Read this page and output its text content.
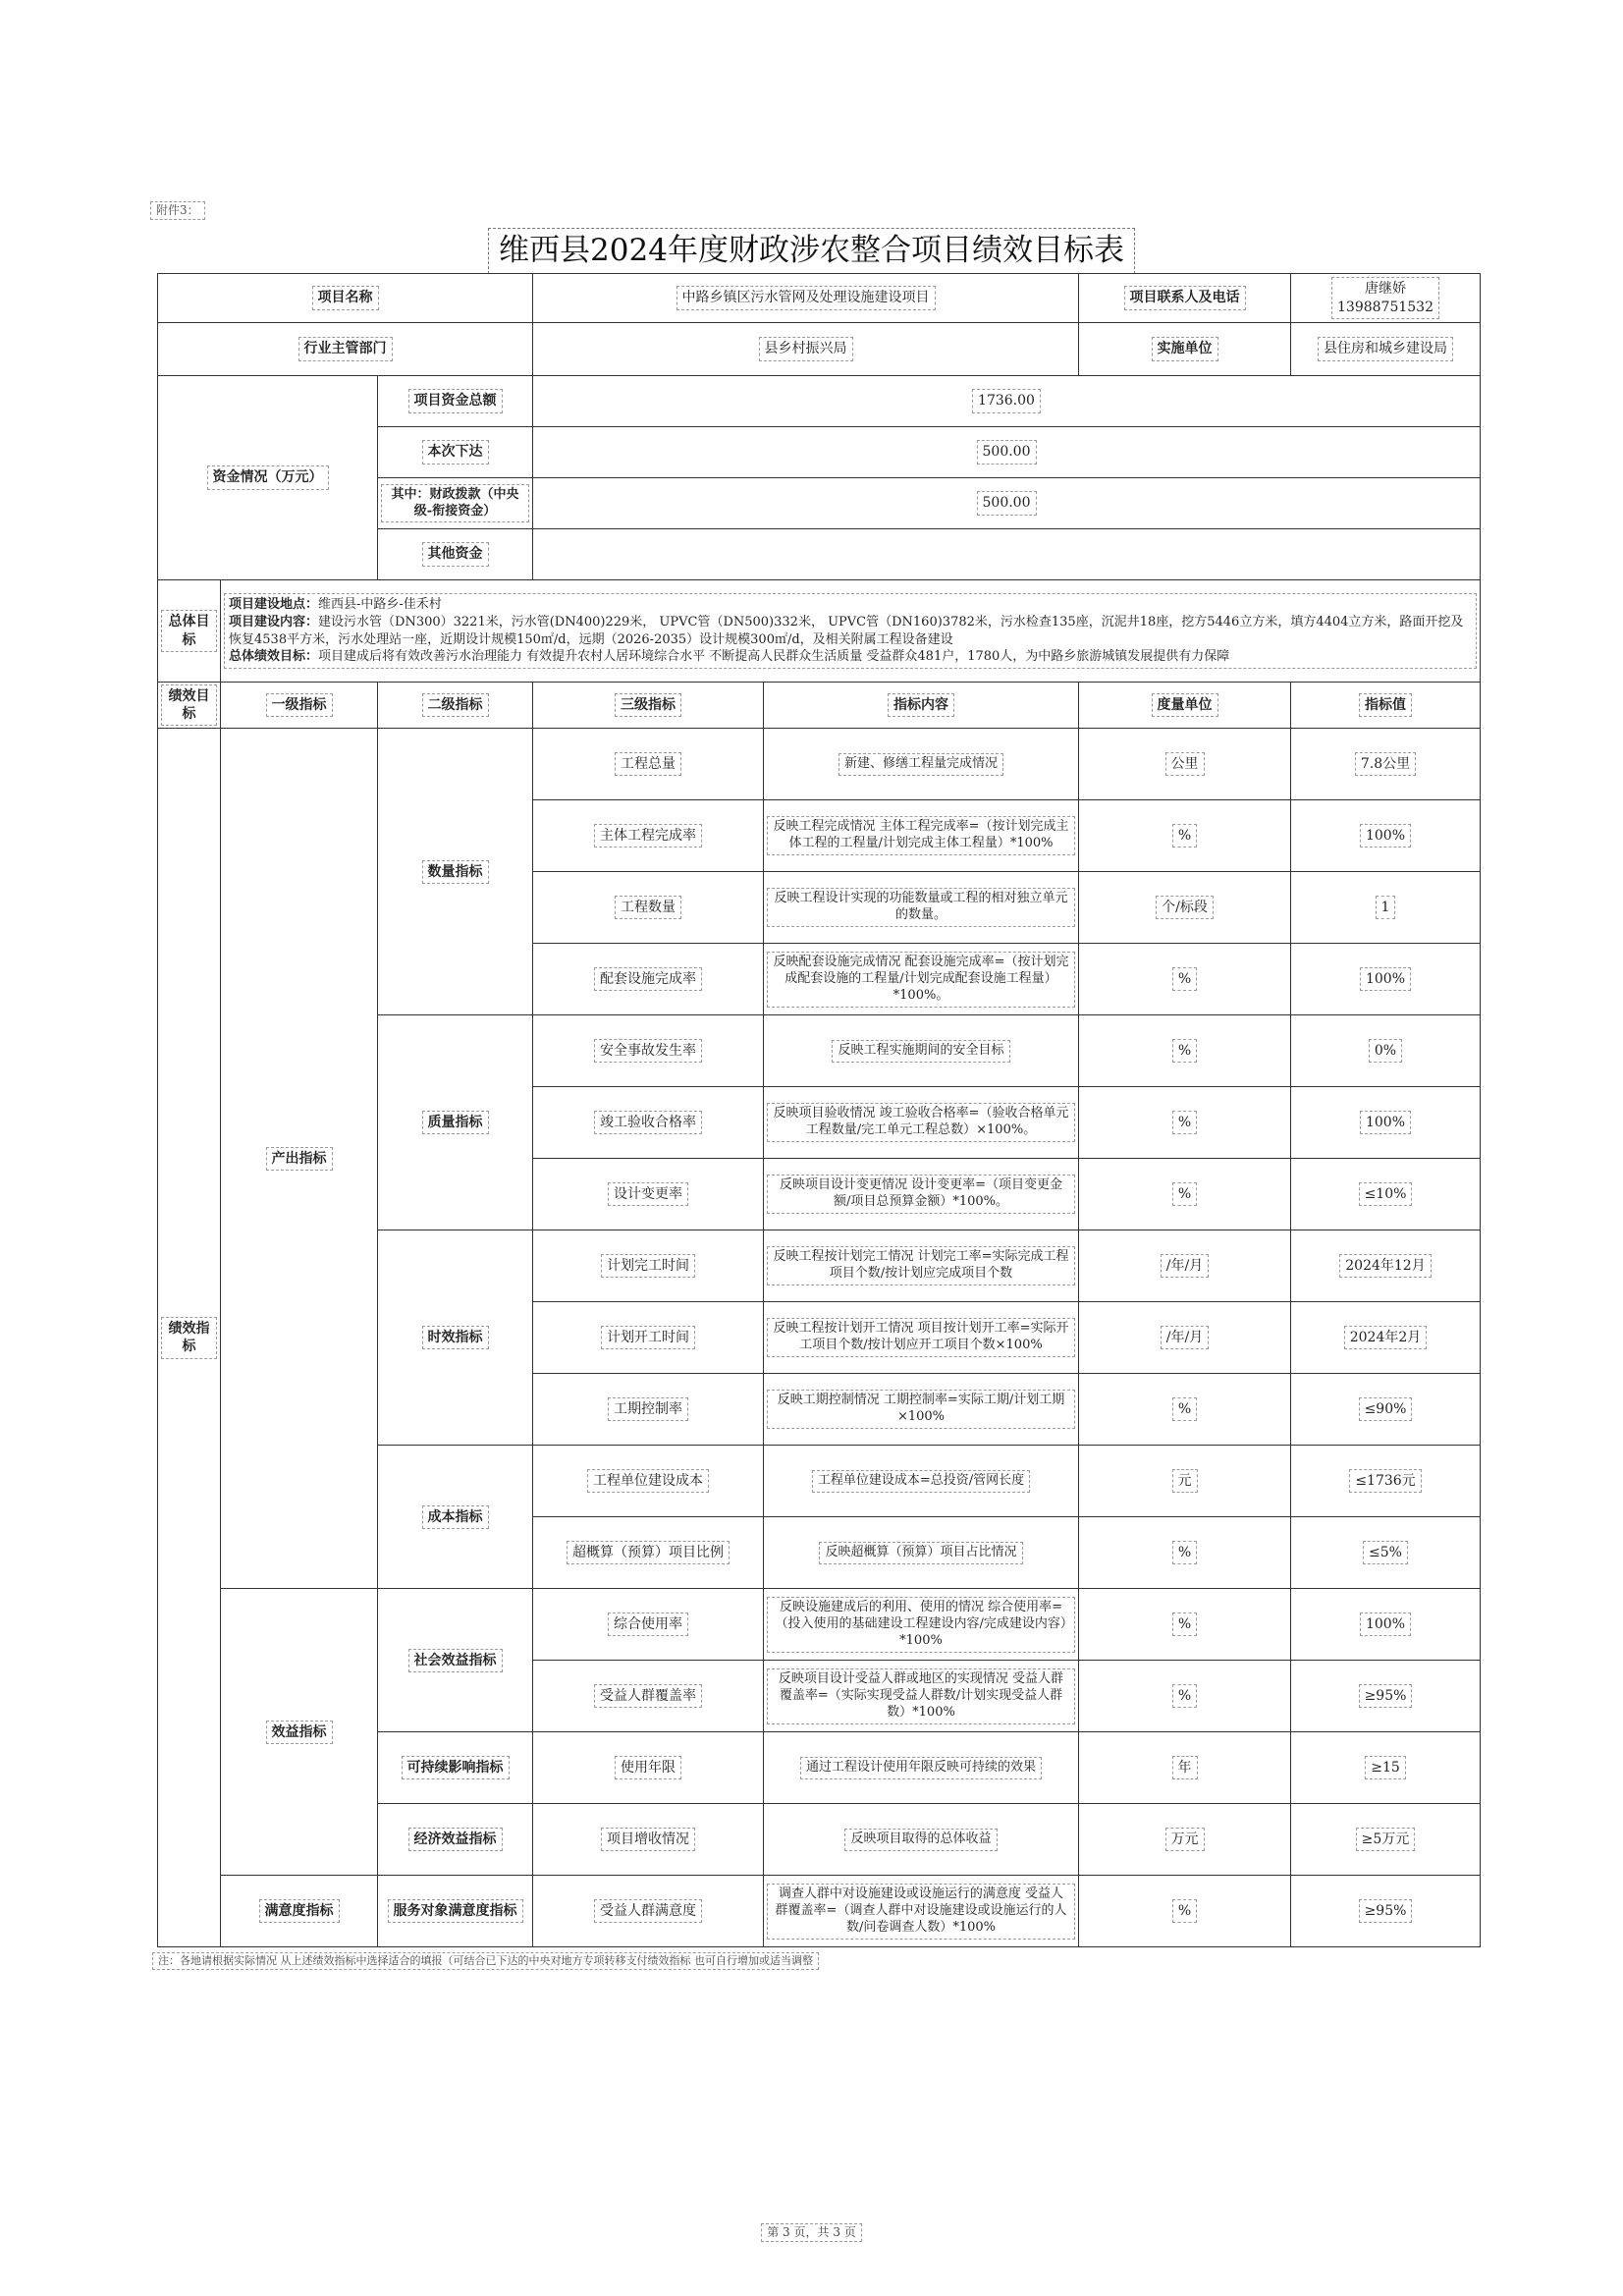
附件3：
维西县2024年度财政涉农整合项目绩效目标表
项目名称			中路乡镇区污水管网及处理设施建设项目		项目联系人及电话	唐继娇
13988751532
行业主管部门			县乡村振兴局		实施单位	县住房和城乡建设局
资金情况（万元）		项目资金总额	1736.00			
		本次下达	500.00			
		其中：财政拨款（中央级-衔接资金）	500.00			
		其他资金				
总体目标	项目建设地点：维西县-中路乡-佳禾村
项目建设内容：建设污水管（DN300）3221米，污水管(DN400)229米， UPVC管（DN500)332米， UPVC管（DN160)3782米，污水检查135座，沉泥井18座，挖方5446立方米，填方4404立方米，路面开挖及恢复4538平方米，污水处理站一座，近期设计规模150㎡/d，远期（2026-2035）设计规模300㎡/d，及相关附属工程设备建设
总体绩效目标：项目建成后将有效改善污水治理能力 有效提升农村人居环境综合水平 不断提高人民群众生活质量 受益群众481户，1780人，为中路乡旅游城镇发展提供有力保障					

绩效目标	一级指标	二级指标	三级指标	指标内容	度量单位	指标值
绩效指标	产出指标	数量指标	工程总量	新建、修缮工程量完成情况	公里	7.8公里
			主体工程完成率	反映工程完成情况 主体工程完成率=（按计划完成主体工程的工程量/计划完成主体工程量）*100%	%	100%
			工程数量	反映工程设计实现的功能数量或工程的相对独立单元的数量。	个/标段	1
			配套设施完成率	反映配套设施完成情况 配套设施完成率=（按计划完成配套设施的工程量/计划完成配套设施工程量）*100%。	%	100%
		质量指标	安全事故发生率	反映工程实施期间的安全目标	%	0%
			竣工验收合格率	反映项目验收情况 竣工验收合格率=（验收合格单元工程数量/完工单元工程总数）×100%。	%	100%
			设计变更率	反映项目设计变更情况 设计变更率=（项目变更金额/项目总预算金额）*100%。	%	≤10%
		时效指标	计划完工时间	反映工程按计划完工情况 计划完工率=实际完成工程项目个数/按计划应完成项目个数	/年/月	2024年12月
			计划开工时间	反映工程按计划开工情况 项目按计划开工率=实际开工项目个数/按计划应开工项目个数×100%	/年/月	2024年2月
			工期控制率	反映工期控制情况 工期控制率=实际工期/计划工期×100%	%	≤90%
		成本指标	工程单位建设成本	工程单位建设成本=总投资/管网长度	元	≤1736元
			超概算（预算）项目比例	反映超概算（预算）项目占比情况	%	≤5%
	效益指标	社会效益指标	综合使用率	反映设施建成后的利用、使用的情况 综合使用率=（投入使用的基础建设工程建设内容/完成建设内容）*100%	%	100%
			受益人群覆盖率	反映项目设计受益人群或地区的实现情况 受益人群覆盖率=（实际实现受益人群数/计划实现受益人群数）*100%	%	≥95%
		可持续影响指标	使用年限	通过工程设计使用年限反映可持续的效果	年	≥15
		经济效益指标	项目增收情况	反映项目取得的总体收益	万元	≥5万元
	满意度指标	服务对象满意度指标	受益人群满意度	调查人群中对设施建设或设施运行的满意度 受益人群覆盖率=（调查人群中对设施建设或设施运行的人数/问卷调查人数）*100%	%	≥95%
注：各地请根据实际情况 从上述绩效指标中选择适合的填报（可结合已下达的中央对地方专项转移支付绩效指标 也可自行增加或适当调整
第 3 页，共 3 页
